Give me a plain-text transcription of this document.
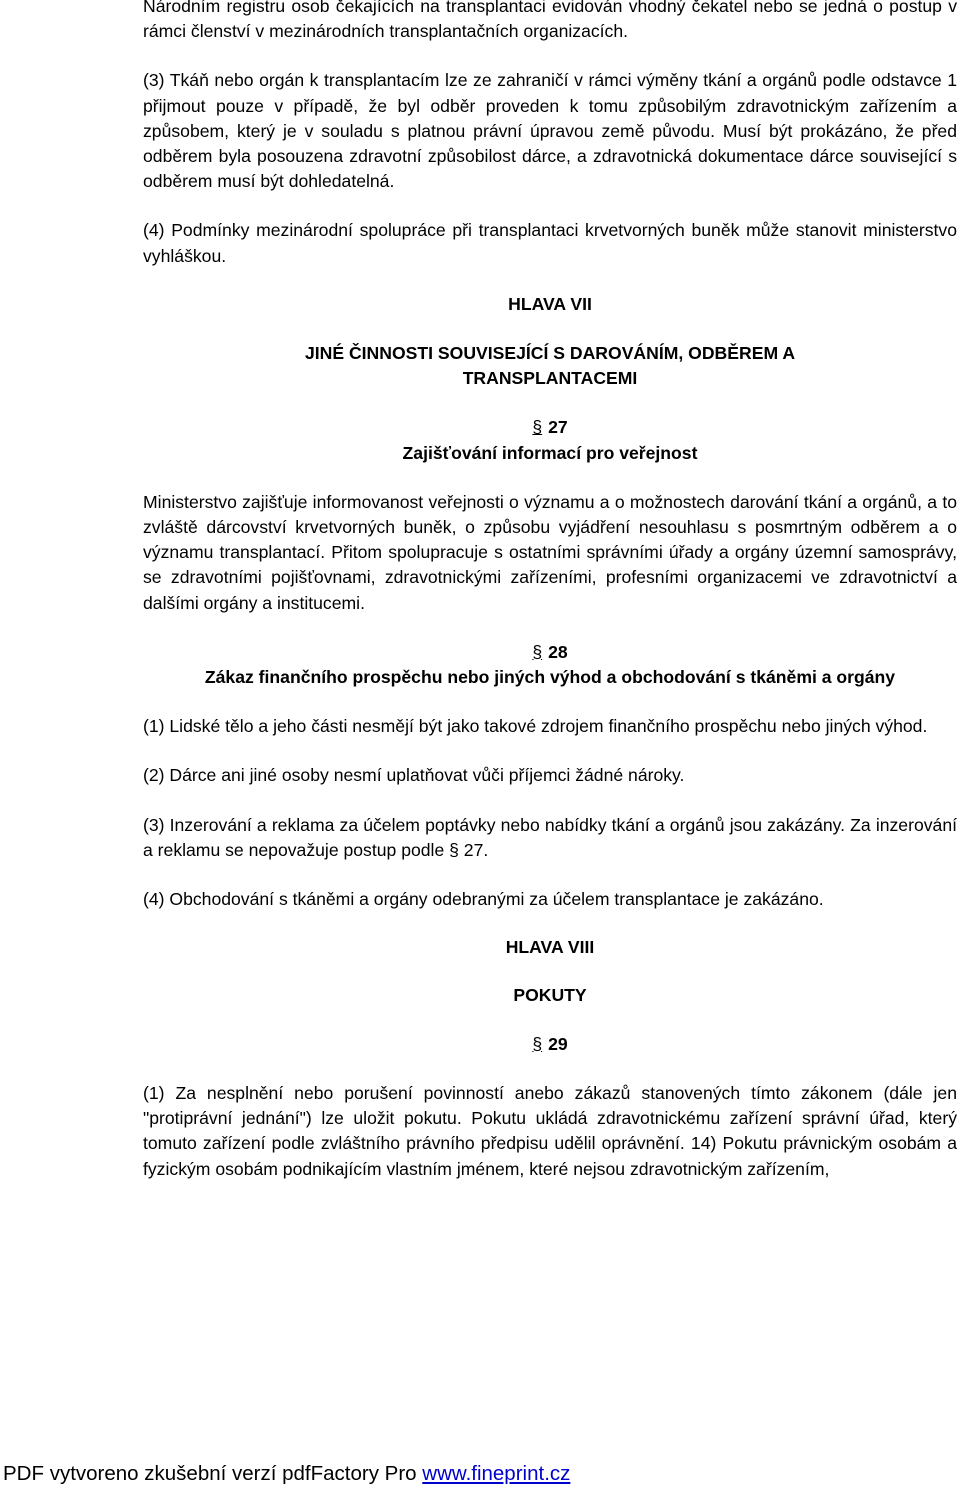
Národním registru osob čekajících na transplantaci evidován vhodný čekatel nebo se jedná o postup v rámci členství v mezinárodních transplantačních organizacích.

(3) Tkáň nebo orgán k transplantacím lze ze zahraničí v rámci výměny tkání a orgánů podle odstavce 1 přijmout pouze v případě, že byl odběr proveden k tomu způsobilým zdravotnickým zařízením a způsobem, který je v souladu s platnou právní úpravou země původu. Musí být prokázáno, že před odběrem byla posouzena zdravotní způsobilost dárce, a zdravotnická dokumentace dárce související s odběrem musí být dohledatelná.

(4) Podmínky mezinárodní spolupráce při transplantaci krvetvorných buněk může stanovit ministerstvo vyhláškou.

HLAVA VII

JINÉ ČINNOSTI SOUVISEJÍCÍ S DAROVÁNÍM, ODBĚREM A TRANSPLANTACEMI

§ 27

Zajišťování informací pro veřejnost

Ministerstvo zajišťuje informovanost veřejnosti o významu a o možnostech darování tkání a orgánů, a to zvláště dárcovství krvetvorných buněk, o způsobu vyjádření nesouhlasu s posmrtným odběrem a o významu transplantací. Přitom spolupracuje s ostatními správními úřady a orgány územní samosprávy, se zdravotními pojišťovnami, zdravotnickými zařízeními, profesními organizacemi ve zdravotnictví a dalšími orgány a institucemi.

§ 28

Zákaz finančního prospěchu nebo jiných výhod a obchodování s tkáněmi a orgány

(1) Lidské tělo a jeho části nesmějí být jako takové zdrojem finančního prospěchu nebo jiných výhod.

(2) Dárce ani jiné osoby nesmí uplatňovat vůči příjemci žádné nároky.

(3) Inzerování a reklama za účelem poptávky nebo nabídky tkání a orgánů jsou zakázány. Za inzerování a reklamu se nepovažuje postup podle § 27.

(4) Obchodování s tkáněmi a orgány odebranými za účelem transplantace je zakázáno.

HLAVA VIII

POKUTY

§ 29

(1) Za nesplnění nebo porušení povinností anebo zákazů stanovených tímto zákonem (dále jen "protiprávní jednání") lze uložit pokutu. Pokutu ukládá zdravotnickému zařízení správní úřad, který tomuto zařízení podle zvláštního právního předpisu udělil oprávnění. 14) Pokutu právnickým osobám a fyzickým osobám podnikajícím vlastním jménem, které nejsou zdravotnickým zařízením,

PDF vytvoreno zkušební verzí pdfFactory Pro www.fineprint.cz
